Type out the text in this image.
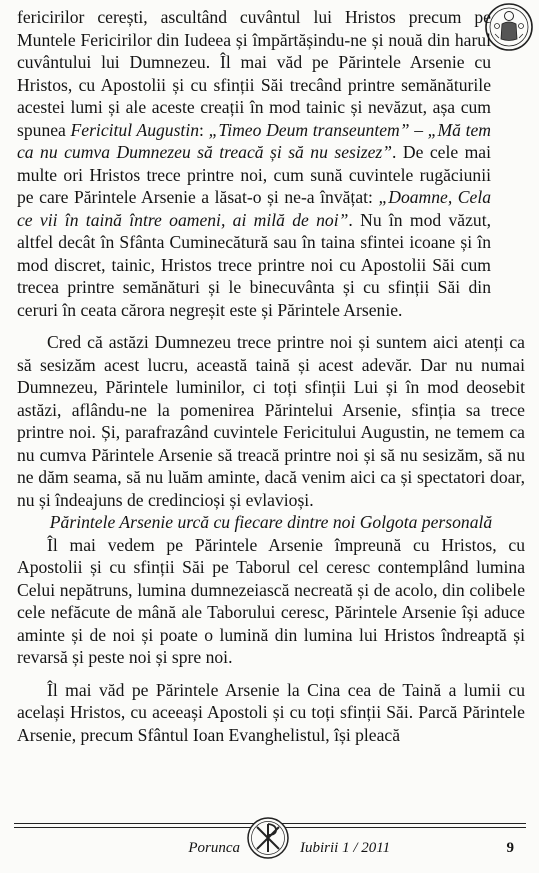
fericirilor cerești, ascultând cuvântul lui Hristos precum pe Muntele Fericirilor din Iudeea și împărtășindu-ne și nouă din harul cuvântului lui Dumnezeu. Îl mai văd pe Părintele Arsenie cu Hristos, cu Apostolii și cu sfinții Săi trecând printre semănăturile acestei lumi și ale aceste creații în mod tainic și nevăzut, așa cum spunea Fericitul Augustin: „Timeo Deum transeuntem” – „Mă tem ca nu cumva Dumnezeu să treacă și să nu sesizez”. De cele mai multe ori Hristos trece printre noi, cum sună cuvintele rugăciunii pe care Părintele Arsenie a lăsat-o și ne-a învățat: „Doamne, Cela ce vii în taină între oameni, ai milă de noi”. Nu în mod văzut, altfel decât în Sfânta Cuminecătură sau în taina sfintei icoane și în mod discret, tainic, Hristos trece printre noi cu Apostolii Săi cum trecea printre semănături și le binecuvânta și cu sfinții Săi din ceruri în ceata cărora negreșit este și Părintele Arsenie.

Cred că astăzi Dumnezeu trece printre noi și suntem aici atenți ca să sesizăm acest lucru, această taină și acest adevăr. Dar nu numai Dumnezeu, Părintele luminilor, ci toți sfinții Lui și în mod deosebit astăzi, aflându-ne la pomenirea Părintelui Arsenie, sfinția sa trece printre noi. Și, parafrazând cuvintele Fericitului Augustin, ne temem ca nu cumva Părintele Arsenie să treacă printre noi și să nu sesizăm, să nu ne dăm seama, să nu luăm aminte, dacă venim aici ca și spectatori doar, nu și îndeajuns de credincioși și evlavioși.

Părintele Arsenie urcă cu fiecare dintre noi Golgota personală

Îl mai vedem pe Părintele Arsenie împreună cu Hristos, cu Apostolii și cu sfinții Săi pe Taborul cel ceresc contemplând lumina Celui nepătruns, lumina dumnezeiască necreată și de acolo, din colibele cele nefăcute de mână ale Taborului ceresc, Părintele Arsenie își aduce aminte și de noi și poate o lumină din lumina lui Hristos îndreaptă și revarsă și peste noi și spre noi.

Îl mai văd pe Părintele Arsenie la Cina cea de Taină a lumii cu același Hristos, cu aceeași Apostoli și cu toți sfinții Săi. Parcă Părintele Arsenie, precum Sfântul Ioan Evanghelistul, își pleacă

Porunca	Iubirii 1 / 2011	9
